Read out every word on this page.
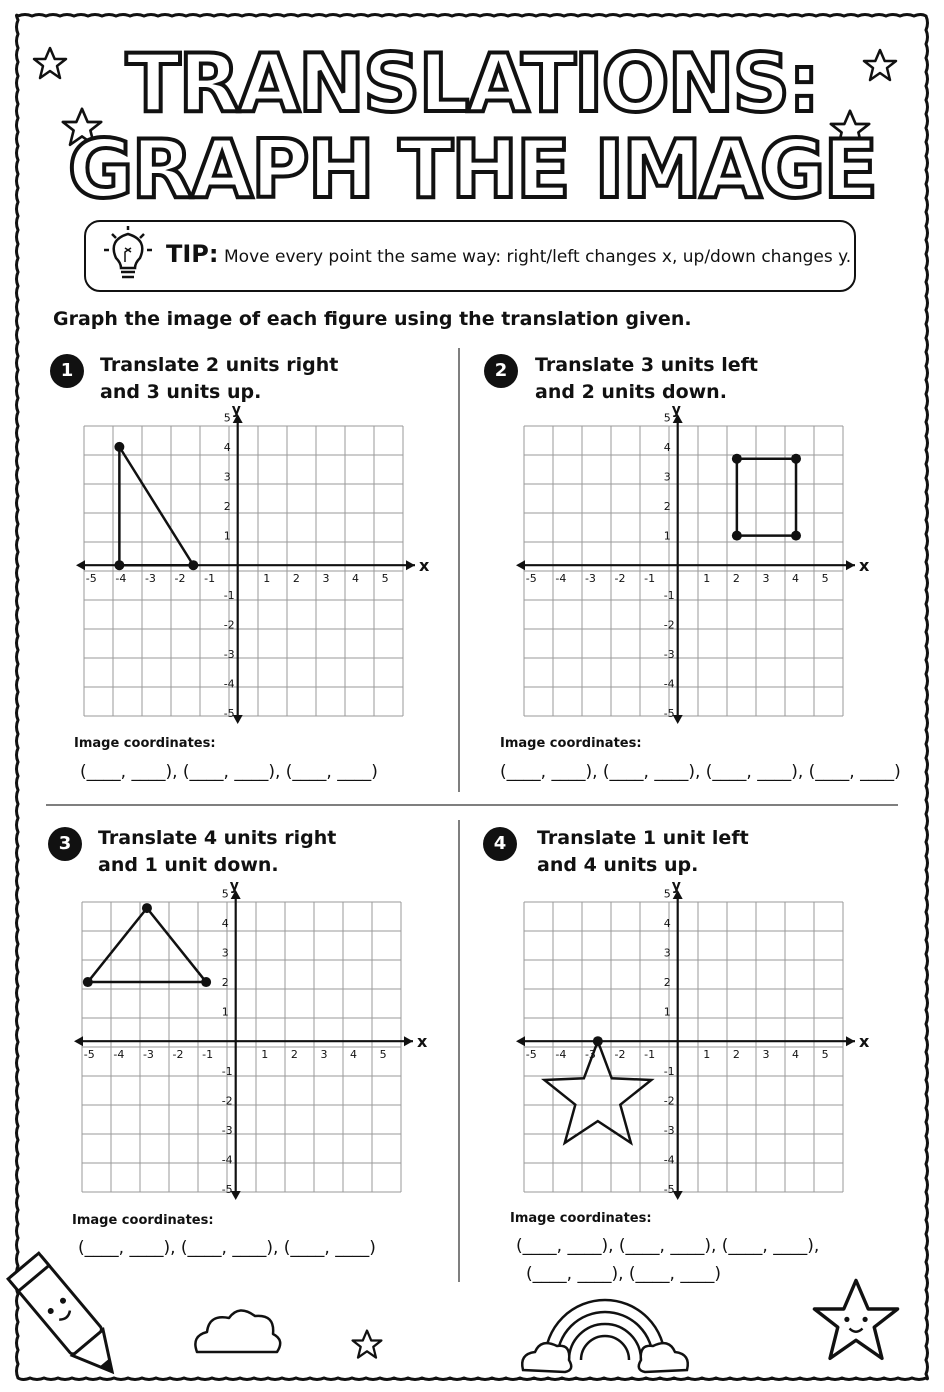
TRANSLATIONS:
GRAPH THE IMAGE
TIP: Move every point the same way: right/left changes x, up/down changes y.
Graph the image of each figure using the translation given.
1	Translate 2 units right
and 3 units up.
x
y
-5
-5
-4
-4
-3
-3
-2
-2
-1
-1
1
1
2
2
3
3
4
4
5
5
Image coordinates:
(____, ____), (____, ____), (____, ____)
2	Translate 3 units left
and 2 units down.
x
y
-5
-5
-4
-4
-3
-3
-2
-2
-1
-1
1
1
2
2
3
3
4
4
5
5
Image coordinates:
(____, ____), (____, ____), (____, ____), (____, ____)
3	Translate 4 units right
and 1 unit down.
x
y
-5
-5
-4
-4
-3
-3
-2
-2
-1
-1
1
1
2
2
3
3
4
4
5
5
Image coordinates:
(____, ____), (____, ____), (____, ____)
4	Translate 1 unit left
and 4 units up.
x
y
-5
-5
-4
-4
-3
-3
-2
-2
-1
-1
1
1
2
2
3
3
4
4
5
5
Image coordinates:
(____, ____), (____, ____), (____, ____),
(____, ____), (____, ____)
